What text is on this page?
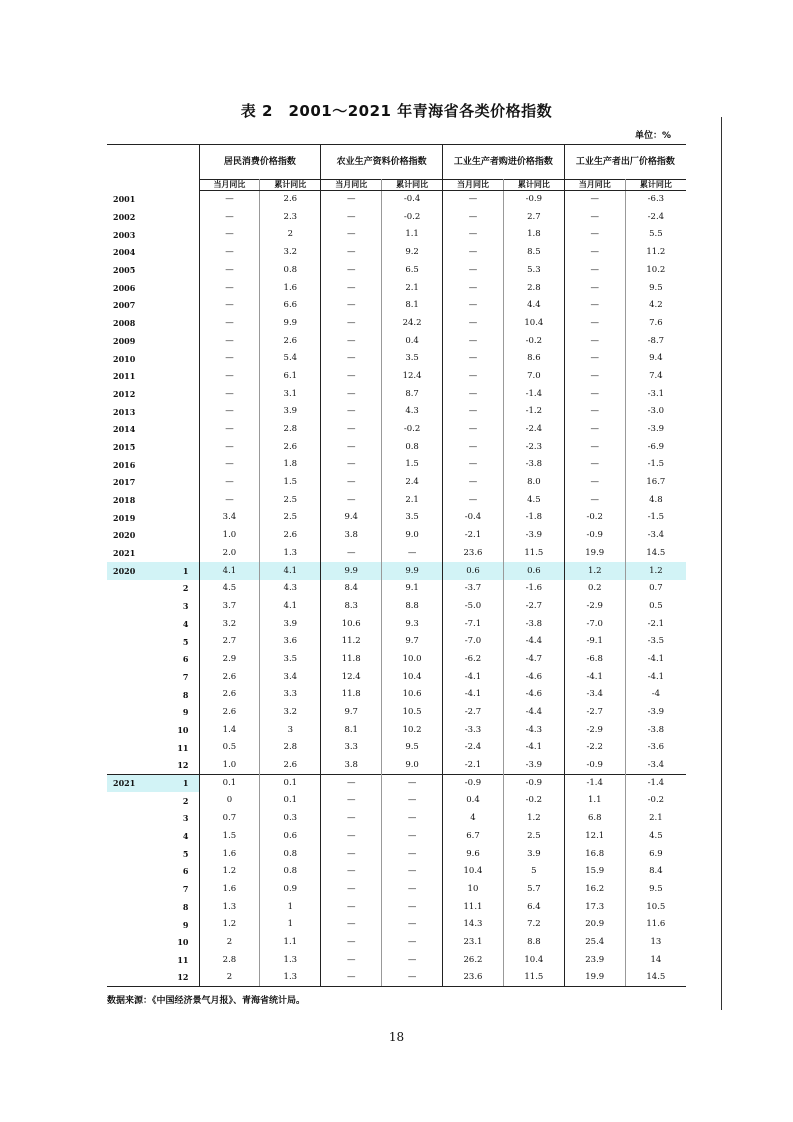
表 2　2001～2021 年青海省各类价格指数
单位：%
		居民消费价格指数		农业生产资料价格指数		工业生产者购进价格指数		工业生产者出厂价格指数	
		当月同比	累计同比	当月同比	累计同比	当月同比	累计同比	当月同比	累计同比
2001		—	2.6	—	-0.4	—	-0.9	—	-6.3
2002		—	2.3	—	-0.2	—	2.7	—	-2.4
2003		—	2	—	1.1	—	1.8	—	5.5
2004		—	3.2	—	9.2	—	8.5	—	11.2
2005		—	0.8	—	6.5	—	5.3	—	10.2
2006		—	1.6	—	2.1	—	2.8	—	9.5
2007		—	6.6	—	8.1	—	4.4	—	4.2
2008		—	9.9	—	24.2	—	10.4	—	7.6
2009		—	2.6	—	0.4	—	-0.2	—	-8.7
2010		—	5.4	—	3.5	—	8.6	—	9.4
2011		—	6.1	—	12.4	—	7.0	—	7.4
2012		—	3.1	—	8.7	—	-1.4	—	-3.1
2013		—	3.9	—	4.3	—	-1.2	—	-3.0
2014		—	2.8	—	-0.2	—	-2.4	—	-3.9
2015		—	2.6	—	0.8	—	-2.3	—	-6.9
2016		—	1.8	—	1.5	—	-3.8	—	-1.5
2017		—	1.5	—	2.4	—	8.0	—	16.7
2018		—	2.5	—	2.1	—	4.5	—	4.8
2019		3.4	2.5	9.4	3.5	-0.4	-1.8	-0.2	-1.5
2020		1.0	2.6	3.8	9.0	-2.1	-3.9	-0.9	-3.4
2021		2.0	1.3	—	—	23.6	11.5	19.9	14.5
2020	1	4.1	4.1	9.9	9.9	0.6	0.6	1.2	1.2
	2	4.5	4.3	8.4	9.1	-3.7	-1.6	0.2	0.7
	3	3.7	4.1	8.3	8.8	-5.0	-2.7	-2.9	0.5
	4	3.2	3.9	10.6	9.3	-7.1	-3.8	-7.0	-2.1
	5	2.7	3.6	11.2	9.7	-7.0	-4.4	-9.1	-3.5
	6	2.9	3.5	11.8	10.0	-6.2	-4.7	-6.8	-4.1
	7	2.6	3.4	12.4	10.4	-4.1	-4.6	-4.1	-4.1
	8	2.6	3.3	11.8	10.6	-4.1	-4.6	-3.4	-4
	9	2.6	3.2	9.7	10.5	-2.7	-4.4	-2.7	-3.9
	10	1.4	3	8.1	10.2	-3.3	-4.3	-2.9	-3.8
	11	0.5	2.8	3.3	9.5	-2.4	-4.1	-2.2	-3.6
	12	1.0	2.6	3.8	9.0	-2.1	-3.9	-0.9	-3.4
2021	1	0.1	0.1	—	—	-0.9	-0.9	-1.4	-1.4
	2	0	0.1	—	—	0.4	-0.2	1.1	-0.2
	3	0.7	0.3	—	—	4	1.2	6.8	2.1
	4	1.5	0.6	—	—	6.7	2.5	12.1	4.5
	5	1.6	0.8	—	—	9.6	3.9	16.8	6.9
	6	1.2	0.8	—	—	10.4	5	15.9	8.4
	7	1.6	0.9	—	—	10	5.7	16.2	9.5
	8	1.3	1	—	—	11.1	6.4	17.3	10.5
	9	1.2	1	—	—	14.3	7.2	20.9	11.6
	10	2	1.1	—	—	23.1	8.8	25.4	13
	11	2.8	1.3	—	—	26.2	10.4	23.9	14
	12	2	1.3	—	—	23.6	11.5	19.9	14.5
数据来源：《中国经济景气月报》、青海省统计局。
18
